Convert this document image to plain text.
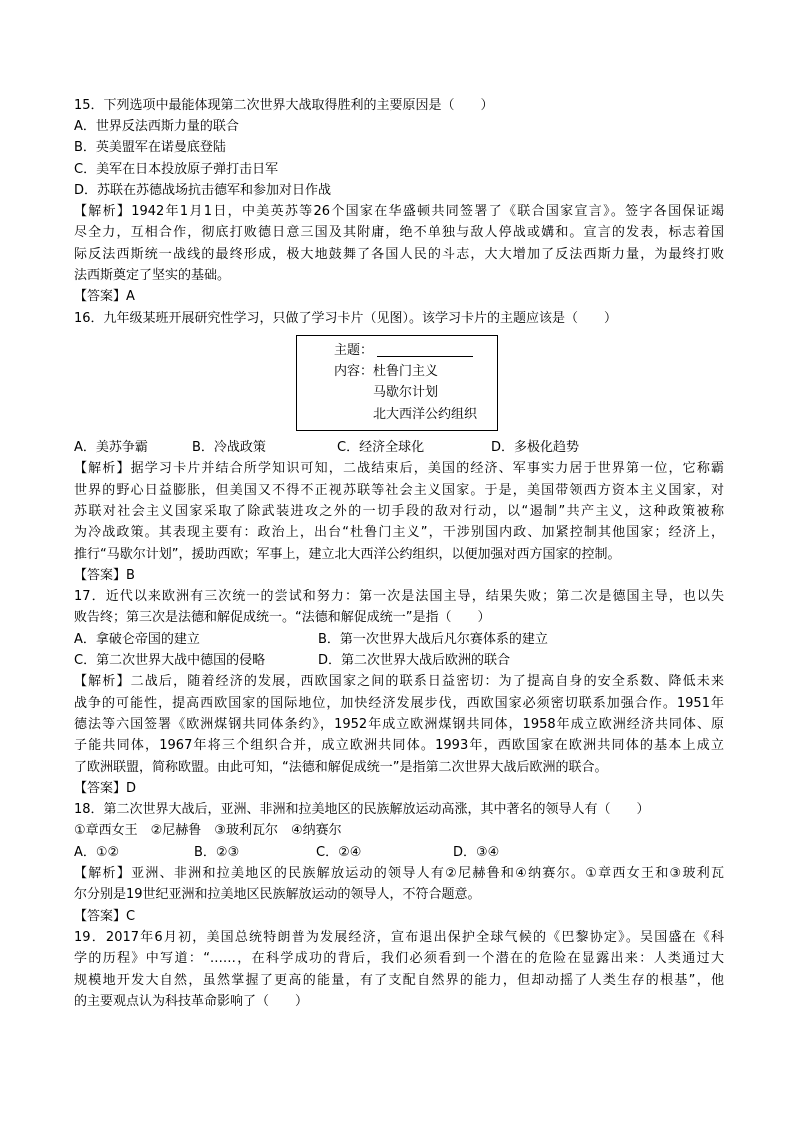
15．下列选项中最能体现第二次世界大战取得胜利的主要原因是（　　）
A．世界反法西斯力量的联合
B．英美盟军在诺曼底登陆
C．美军在日本投放原子弹打击日军
D．苏联在苏德战场抗击德军和参加对日作战
【解析】1942年1月1日，中美英苏等26个国家在华盛顿共同签署了《联合国家宣言》。签字各国保证竭
尽全力，互相合作，彻底打败德日意三国及其附庸，绝不单独与敌人停战或媾和。宣言的发表，标志着国
际反法西斯统一战线的最终形成，极大地鼓舞了各国人民的斗志，大大增加了反法西斯力量，为最终打败
法西斯奠定了坚实的基础。
【答案】A
16．九年级某班开展研究性学习，只做了学习卡片（见图）。该学习卡片的主题应该是（　　）
主题：
内容： 杜鲁门主义
马歇尔计划
北大西洋公约组织
A．美苏争霸	B．冷战政策	C．经济全球化	D．多极化趋势
【解析】据学习卡片并结合所学知识可知，二战结束后，美国的经济、军事实力居于世界第一位，它称霸
世界的野心日益膨胀，但美国又不得不正视苏联等社会主义国家。于是，美国带领西方资本主义国家，对
苏联对社会主义国家采取了除武装进攻之外的一切手段的敌对行动，以“遏制”共产主义，这种政策被称
为冷战政策。其表现主要有：政治上，出台“杜鲁门主义”，干涉别国内政、加紧控制其他国家；经济上，
推行“马歇尔计划”，援助西欧；军事上，建立北大西洋公约组织，以便加强对西方国家的控制。
【答案】B
17．近代以来欧洲有三次统一的尝试和努力：第一次是法国主导，结果失败；第二次是德国主导，也以失
败告终；第三次是法德和解促成统一。“法德和解促成统一”是指（　　）
A．拿破仑帝国的建立	B．第一次世界大战后凡尔赛体系的建立
C．第二次世界大战中德国的侵略	D．第二次世界大战后欧洲的联合
【解析】二战后，随着经济的发展，西欧国家之间的联系日益密切：为了提高自身的安全系数、降低未来
战争的可能性，提高西欧国家的国际地位，加快经济发展步伐，西欧国家必须密切联系加强合作。1951年
德法等六国签署《欧洲煤钢共同体条约》，1952年成立欧洲煤钢共同体，1958年成立欧洲经济共同体、原
子能共同体，1967年将三个组织合并，成立欧洲共同体。1993年，西欧国家在欧洲共同体的基本上成立
了欧洲联盟，简称欧盟。由此可知，“法德和解促成统一”是指第二次世界大战后欧洲的联合。
【答案】D
18．第二次世界大战后，亚洲、非洲和拉美地区的民族解放运动高涨，其中著名的领导人有（　　）
①章西女王　②尼赫鲁　③玻利瓦尔　④纳赛尔
A．①②	B．②③	C．②④	D．③④
【解析】亚洲、非洲和拉美地区的民族解放运动的领导人有②尼赫鲁和④纳赛尔。①章西女王和③玻利瓦
尔分别是19世纪亚洲和拉美地区民族解放运动的领导人，不符合题意。
【答案】C
19．2017年6月初，美国总统特朗普为发展经济，宣布退出保护全球气候的《巴黎协定》。吴国盛在《科
学的历程》中写道：“……，在科学成功的背后，我们必须看到一个潜在的危险在显露出来：人类通过大
规模地开发大自然，虽然掌握了更高的能量，有了支配自然界的能力，但却动摇了人类生存的根基”，他
的主要观点认为科技革命影响了（　　）
